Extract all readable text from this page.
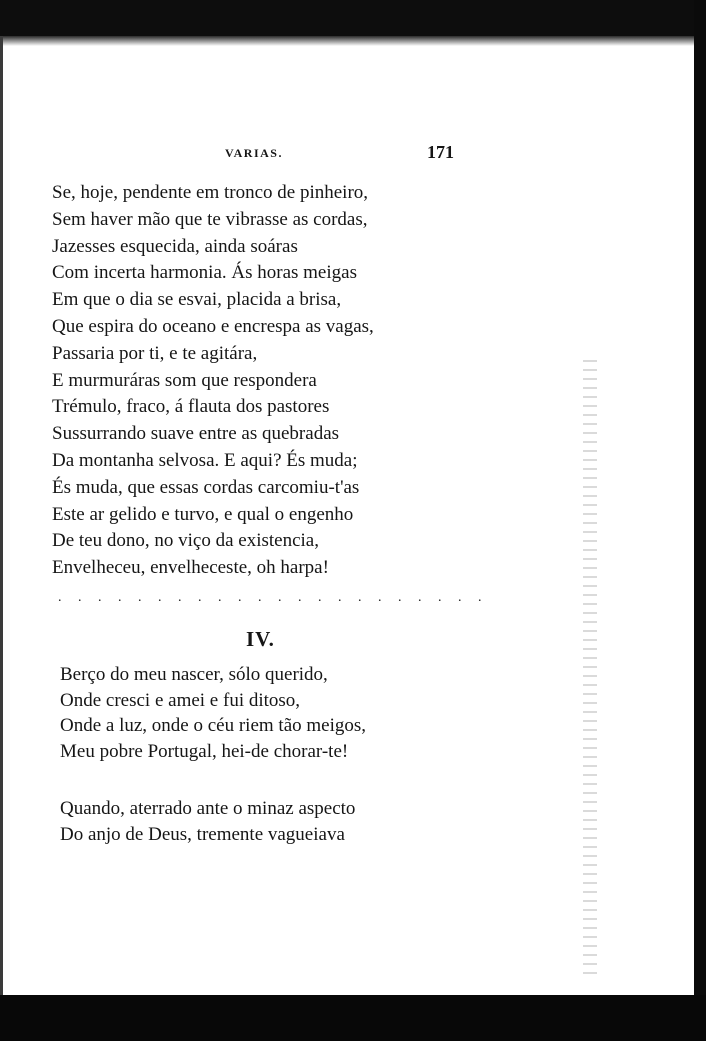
VARIAS.	171
Se, hoje, pendente em tronco de pinheiro,
Sem haver mão que te vibrasse as cordas,
Jazesses esquecida, ainda soáras
Com incerta harmonia. Ás horas meigas
Em que o dia se esvai, placida a brisa,
Que espira do oceano e encrespa as vagas,
Passaria por ti, e te agitára,
E murmuráras som que respondera
Trémulo, fraco, á flauta dos pastores
Sussurrando suave entre as quebradas
Da montanha selvosa. E aqui? És muda;
És muda, que essas cordas carcomiu-t'as
Este ar gelido e turvo, e qual o engenho
De teu dono, no viço da existencia,
Envelheceu, envelheceste, oh harpa!
. . . . . . . . . . . . . . . . . . . . . .
IV.
Berço do meu nascer, sólo querido,
Onde cresci e amei e fui ditoso,
Onde a luz, onde o céu riem tão meigos,
Meu pobre Portugal, hei-de chorar-te!
Quando, aterrado ante o minaz aspecto
Do anjo de Deus, tremente vagueiava
